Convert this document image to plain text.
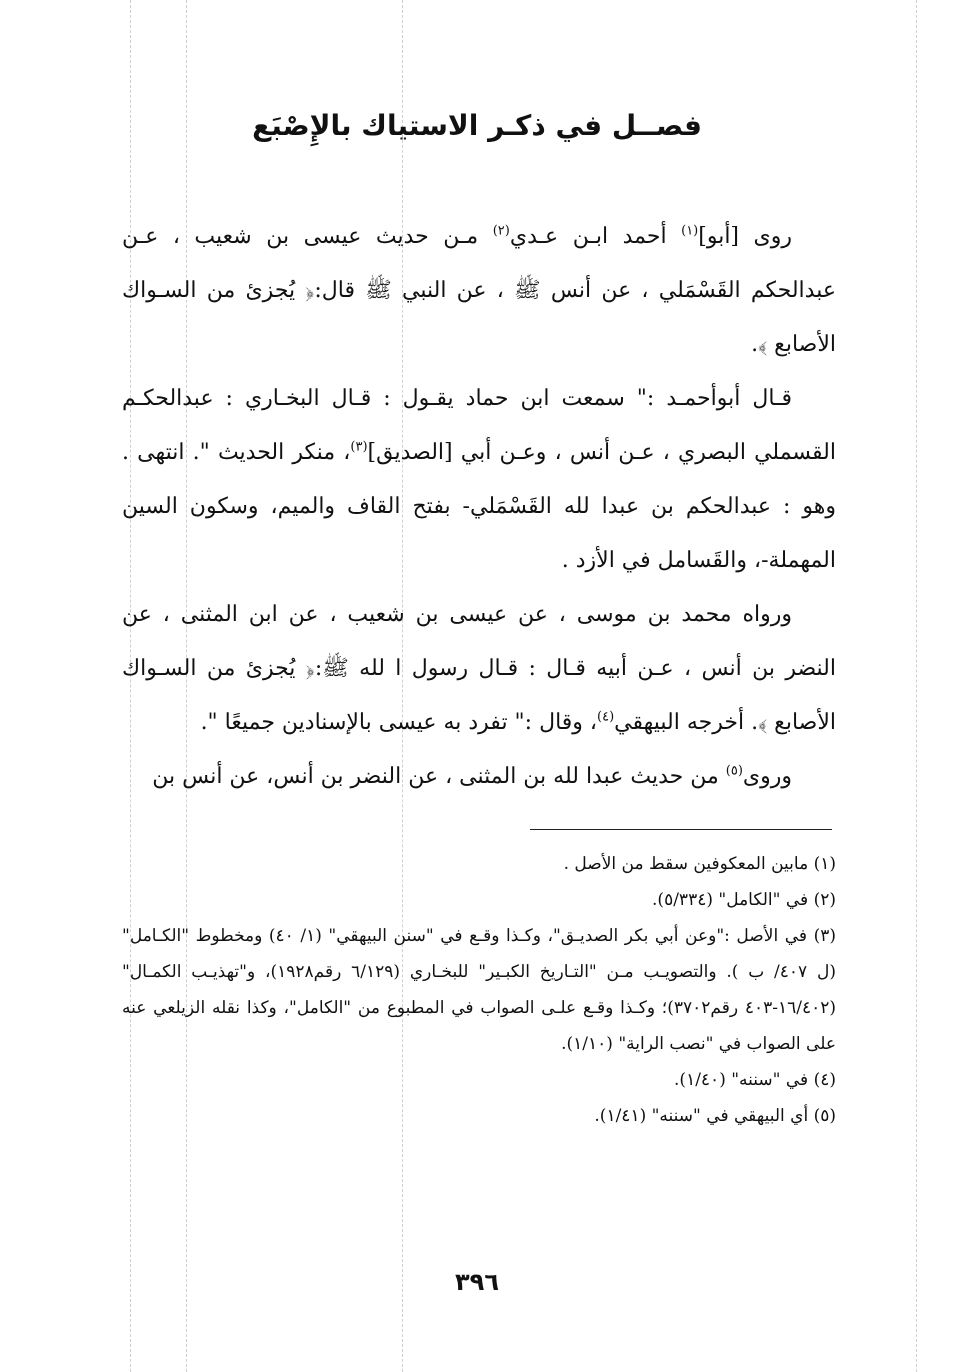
فصــل في ذكـر الاستياك بالإِصْبَع

روى [أبو]$^{(١)}$ أحمد ابـن عـدي$^{(٢)}$ مـن حديث عيسى بن شعيب ، عـن عبدالحكم القَسْمَلي ، عن أنس ﷺ ، عن النبي ﷺ قال:﴿ يُجزئ من السـواك الأصابع ﴾.

قـال أبوأحمـد :" سمعت ابن حماد يقـول : قـال البخـاري : عبدالحكـم القسملي البصري ، عـن أنس ، وعـن أبي [الصديق]$^{(٣)}$، منكر الحديث ". انتهى . وهو : عبدالحكم بن عبدا لله القَسْمَلي- بفتح القاف والميم، وسكون السين المهملة-، والقَسامل في الأزد .

ورواه محمد بن موسى ، عن عيسى بن شعيب ، عن ابن المثنى ، عن النضر بن أنس ، عـن أبيه قـال : قـال رسول ا لله ﷺ:﴿ يُجزئ من السـواك الأصابع ﴾. أخرجه البيهقي$^{(٤)}$، وقال :" تفرد به عيسى بالإسنادين جميعًا ".

وروى$^{(٥)}$ من حديث عبدا لله بن المثنى ، عن النضر بن أنس، عن أنس بن

(١) مابين المعكوفين سقط من الأصل .

(٢) في "الكامل" (٥/٣٣٤).

(٣) في الأصل :"وعن أبي بكر الصديـق"، وكـذا وقـع في "سنن البيهقي" (١/ ٤٠) ومخطوط "الكـامل" (ل ٤٠٧/ ب ). والتصويـب مـن "التـاريخ الكبـير" للبخـاري (٦/١٢٩ رقم١٩٢٨)، و"تهذيـب الكمـال" (١٦/٤٠٢-٤٠٣ رقم٣٧٠٢)؛ وكـذا وقـع علـى الصواب في المطبوع من "الكامل"، وكذا نقله الزيلعي عنه على الصواب في "نصب الراية" (١/١٠).

(٤) في "سننه" (١/٤٠).

(٥) أي البيهقي في "سننه" (١/٤١).

٣٩٦
